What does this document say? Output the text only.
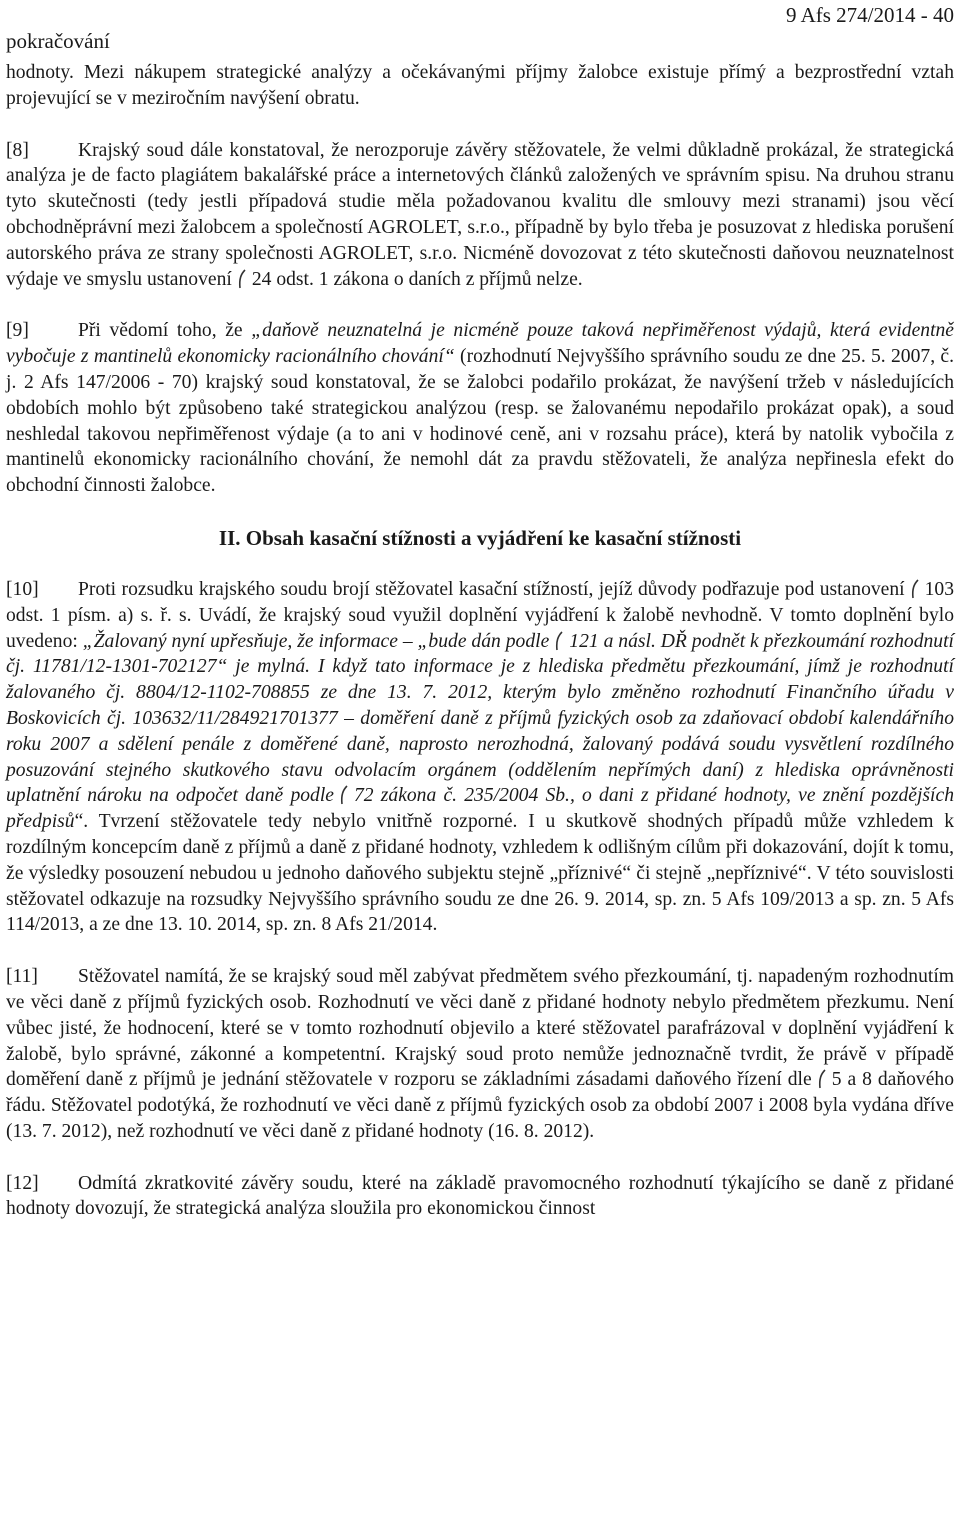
pokračování
9 Afs 274/2014 - 40

hodnoty. Mezi nákupem strategické analýzy a očekávanými příjmy žalobce existuje přímý a bezprostřední vztah projevující se v meziročním navýšení obratu.

[8]	Krajský soud dále konstatoval, že nerozporuje závěry stěžovatele, že velmi důkladně prokázal, že strategická analýza je de facto plagiátem bakalářské práce a internetových článků založených ve správním spisu. Na druhou stranu tyto skutečnosti (tedy jestli případová studie měla požadovanou kvalitu dle smlouvy mezi stranami) jsou věcí obchodněprávní mezi žalobcem a společností AGROLET, s.r.o., případně by bylo třeba je posuzovat z hlediska porušení autorského práva ze strany společnosti AGROLET, s.r.o. Nicméně dovozovat z této skutečnosti daňovou neuznatelnost výdaje ve smyslu ustanovení 24 odst. 1 zákona o daních z příjmů nelze.

[9]	Při vědomí toho, že „daňově neuznatelná je nicméně pouze taková nepřiměřenost výdajů, která evidentně vybočuje z mantinelů ekonomicky racionálního chování“ (rozhodnutí Nejvyššího správního soudu ze dne 25. 5. 2007, č. j. 2 Afs 147/2006 - 70) krajský soud konstatoval, že se žalobci podařilo prokázat, že navýšení tržeb v následujících obdobích mohlo být způsobeno také strategickou analýzou (resp. se žalovanému nepodařilo prokázat opak), a soud neshledal takovou nepřiměřenost výdaje (a to ani v hodinové ceně, ani v rozsahu práce), která by natolik vybočila z mantinelů ekonomicky racionálního chování, že nemohl dát za pravdu stěžovateli, že analýza nepřinesla efekt do obchodní činnosti žalobce.

II. Obsah kasační stížnosti a vyjádření ke kasační stížnosti

[10] Proti rozsudku krajského soudu brojí stěžovatel kasační stížností, jejíž důvody podřazuje pod ustanovení 103 odst. 1 písm. a) s. ř. s. Uvádí, že krajský soud využil doplnění vyjádření k žalobě nevhodně. V tomto doplnění bylo uvedeno: „Žalovaný nyní upřesňuje, že informace – „bude dán podle 121 a násl. DŘ podnět k přezkoumání rozhodnutí čj. 11781/12-1301-702127“ je mylná. I když tato informace je z hlediska předmětu přezkoumání, jímž je rozhodnutí žalovaného čj. 8804/12-1102-708855 ze dne 13. 7. 2012, kterým bylo změněno rozhodnutí Finančního úřadu v Boskovicích čj. 103632/11/284921701377 – doměření daně z příjmů fyzických osob za zdaňovací období kalendářního roku 2007 a sdělení penále z doměřené daně, naprosto nerozhodná, žalovaný podává soudu vysvětlení rozdílného posuzování stejného skutkového stavu odvolacím orgánem (oddělením nepřímých daní) z hlediska oprávněnosti uplatnění nároku na odpočet daně podle 72 zákona č. 235/2004 Sb., o dani z přidané hodnoty, ve znění pozdějších předpisů“. Tvrzení stěžovatele tedy nebylo vnitřně rozporné. I u skutkově shodných případů může vzhledem k rozdílným koncepcím daně z příjmů a daně z přidané hodnoty, vzhledem k odlišným cílům při dokazování, dojít k tomu, že výsledky posouzení nebudou u jednoho daňového subjektu stejně „příznivé“ či stejně „nepříznivé“. V této souvislosti stěžovatel odkazuje na rozsudky Nejvyššího správního soudu ze dne 26. 9. 2014, sp. zn. 5 Afs 109/2013 a sp. zn. 5 Afs 114/2013, a ze dne 13. 10. 2014, sp. zn. 8 Afs 21/2014.

[11] Stěžovatel namítá, že se krajský soud měl zabývat předmětem svého přezkoumání, tj. napadeným rozhodnutím ve věci daně z příjmů fyzických osob. Rozhodnutí ve věci daně z přidané hodnoty nebylo předmětem přezkumu. Není vůbec jisté, že hodnocení, které se v tomto rozhodnutí objevilo a které stěžovatel parafrázoval v doplnění vyjádření k žalobě, bylo správné, zákonné a kompetentní. Krajský soud proto nemůže jednoznačně tvrdit, že právě v případě doměření daně z příjmů je jednání stěžovatele v rozporu se základními zásadami daňového řízení dle 5 a 8 daňového řádu. Stěžovatel podotýká, že rozhodnutí ve věci daně z příjmů fyzických osob za období 2007 i 2008 byla vydána dříve (13. 7. 2012), než rozhodnutí ve věci daně z přidané hodnoty (16. 8. 2012).

[12] Odmítá zkratkovité závěry soudu, které na základě pravomocného rozhodnutí týkajícího se daně z přidané hodnoty dovozují, že strategická analýza sloužila pro ekonomickou činnost
